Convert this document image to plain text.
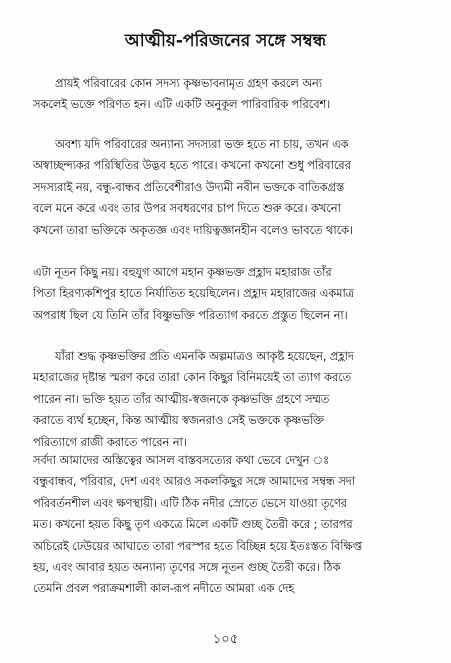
আত্মীয়-পরিজনের সঙ্গে সম্বন্ধ
প্রায়ই পরিবারের কোন সদস্য কৃষ্ণভাবনামৃত গ্রহণ করলে অন্য
সকলেই ভক্তে পরিণত হন। এটি একটি অনুকূল পারিবারিক পরিবেশ।
অবশ্য যদি পরিবারের অন্যান্য সদস্যরা ভক্ত হতে না চায়, তখন এক
অস্বাচ্ছন্দ্যকর পরিস্থিতির উদ্ভব হতে পারে। কখনো কখনো শুধু পরিবারের
সদস্যরাই নয়, বন্ধু-বান্ধব প্রতিবেশীরাও উদ্যমী নবীন ভক্তকে বাতিকগ্রস্ত
বলে মনে করে এবং তার উপর সবধরণের চাপ দিতে শুরু করে। কখনো
কখনো তারা ভক্তিকে অকৃতজ্ঞ এবং দায়িত্বজ্ঞানহীন বলেও ভাবতে থাকে।
এটা নূতন কিছু নয়। বহুযুগ আগে মহান কৃষ্ণভক্ত প্রহ্লাদ মহারাজ তাঁর
পিতা হিরণ্যকশিপুর হাতে নির্যাতিত হয়েছিলেন। প্রহ্লাদ মহারাজের একমাত্র
অপরাধ ছিল যে তিনি তাঁর বিষ্ণুভক্তি পরিত্যাগ করতে প্রস্তুত ছিলেন না।
যাঁরা শুদ্ধ কৃষ্ণভক্তির প্রতি এমনকি অল্পমাত্রও আকৃষ্ট হয়েছেন, প্রহ্লাদ
মহারাজের দৃষ্টান্ত স্মরণ করে তারা কোন কিছুর বিনিময়েই তা ত্যাগ করতে
পারেন না। ভক্তি হয়ত তাঁর আত্মীয়-স্বজনকে কৃষ্ণভক্তি গ্রহণে সম্মত
করাতে ব্যর্থ হচ্ছেন, কিন্ত আত্মীয় স্বজনরাও সেই ভক্তকে কৃষ্ণভক্তি
পরিত্যাগে রাজী করাতে পারেন না।
সর্বদা আমাদের অস্তিত্বের আসল বাস্তবসত্যের কথা ভেবে দেখুন ঃ
বন্ধুবান্ধব, পরিবার, দেশ এবং আরও সকলকিছুর সঙ্গে আমাদের সম্বন্ধ সদা
পরিবর্তনশীল এবং ক্ষণস্থায়ী। এটি ঠিক নদীর স্রোতে ভেসে যাওয়া তৃণের
মত। কখনো হয়ত কিছু তৃণ একত্রে মিলে একটি গুচ্ছ তৈরী করে ; তারপর
অচিরেই ঢেউয়ের আঘাতে তারা পরস্পর হতে বিচ্ছিন্ন হয়ে ইতঃস্তত বিক্ষিপ্ত
হয়, এবং আবার হয়ত অন্যান্য তৃণের সঙ্গে নূতন গুচ্ছ তৈরী করে। ঠিক
তেমনি প্রবল পরাক্রমশালী কাল-রূপ নদীতে আমরা এক দেহ
১০৫
